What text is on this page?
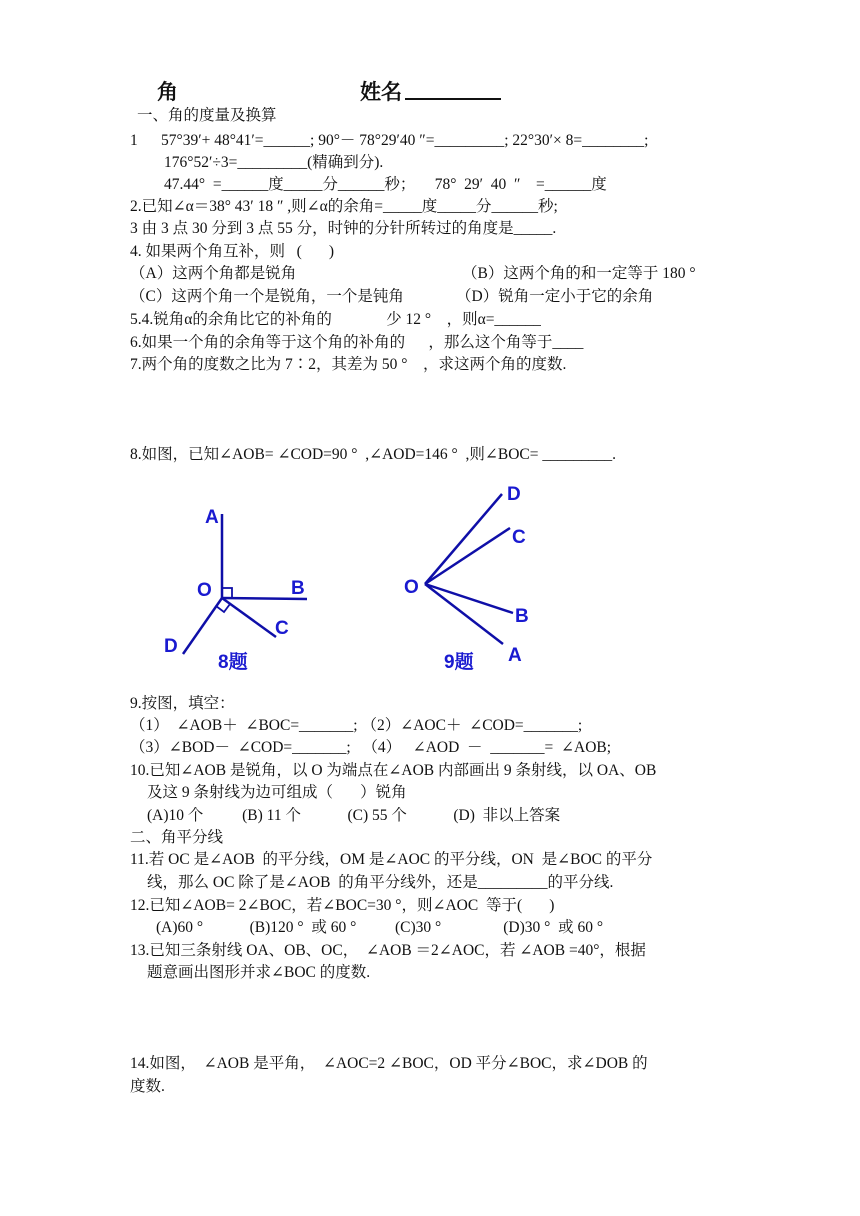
角	姓名
一、角的度量及换算
1      57°39′+ 48°41′=______; 90°－ 78°29′40 ″=_________; 22°30′× 8=________;
176°52′÷3=_________(精确到分).
47.44°  =______度_____分______秒；     78°  29′  40  ″    =______度
2.已知∠α＝38° 43′ 18 ″ ,则∠α的余角=_____度_____分______秒;
3 由 3 点 30 分到 3 点 55 分，时钟的分针所转过的角度是_____.
4. 如果两个角互补，则   (       )
（A）这两个角都是锐角	（B）这两个角的和一定等于 180 °
（C）这两个角一个是锐角，一个是钝角	（D）锐角一定小于它的余角
5.4.锐角α的余角比它的补角的              少 12 °    ，则α=______
6.如果一个角的余角等于这个角的补角的      ，那么这个角等于____
7.两个角的度数之比为 7∶2，其差为 50 °    ，求这两个角的度数.
8.如图，已知∠AOB= ∠COD=90 °  ,∠AOD=146 °  ,则∠BOC= _________.
A
O	B
C
D
8题
D
C
O
B
A
9题
9.按图，填空：
（1）  ∠AOB＋  ∠BOC=_______; （2）∠AOC＋  ∠COD=_______;
（3）∠BOD－  ∠COD=_______;   （4）   ∠AOD  －  _______=  ∠AOB;
10.已知∠AOB 是锐角，以 O 为端点在∠AOB 内部画出 9 条射线，以 OA、OB
及这 9 条射线为边可组成（       ）锐角
(A)10 个          (B) 11 个            (C) 55 个            (D)  非以上答案
二、角平分线
11.若 OC 是∠AOB  的平分线，OM 是∠AOC 的平分线，ON  是∠BOC 的平分
线，那么 OC 除了是∠AOB  的角平分线外，还是_________的平分线.
12.已知∠AOB= 2∠BOC，若∠BOC=30 °，则∠AOC  等于(       )
(A)60 °            (B)120 °  或 60 °          (C)30 °                (D)30 °  或 60 °
13.已知三条射线 OA、OB、OC，  ∠AOB ＝2∠AOC，若 ∠AOB =40°，根据
题意画出图形并求∠BOC 的度数.
14.如图，  ∠AOB 是平角，  ∠AOC=2 ∠BOC，OD 平分∠BOC，求∠DOB 的
度数.
